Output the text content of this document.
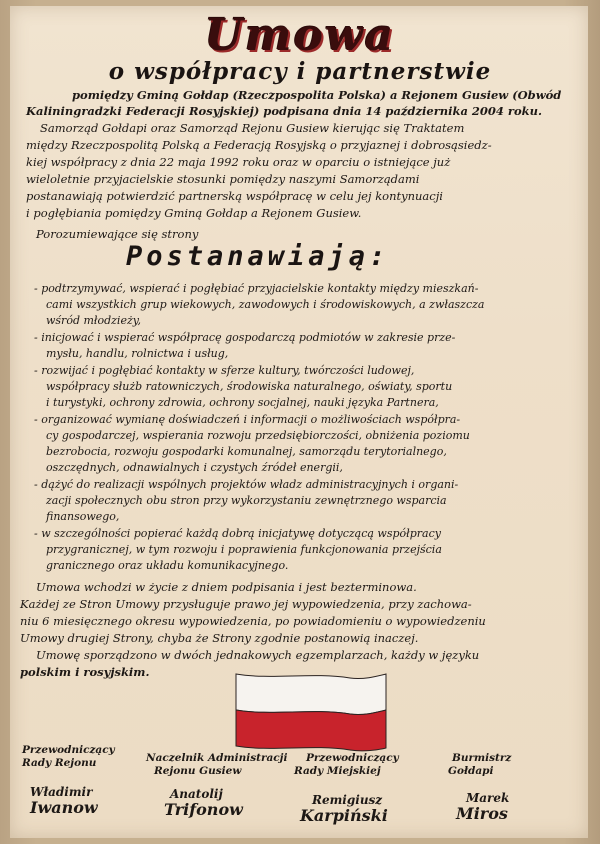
Umowa
o współpracy i partnerstwie
pomiędzy Gminą Gołdap (Rzeczpospolita Polska) a Rejonem Gusiew (Obwód
Kaliningradzki Federacji Rosyjskiej) podpisana dnia 14 października 2004 roku.
Samorząd Gołdapi oraz Samorząd Rejonu Gusiew kierując się Traktatem
między Rzeczpospolitą Polską a Federacją Rosyjską o przyjaznej i dobrosąsiedz-
kiej współpracy z dnia 22 maja 1992 roku oraz w oparciu o istniejące już
wieloletnie przyjacielskie stosunki pomiędzy naszymi Samorządami
postanawiają potwierdzić partnerską współpracę w celu jej kontynuacji
i pogłębiania pomiędzy Gminą Gołdap a Rejonem Gusiew.
Porozumiewające się strony
Postanawiają:
- podtrzymywać, wspierać i pogłębiać przyjacielskie kontakty między mieszkań-
cami wszystkich grup wiekowych, zawodowych i środowiskowych, a zwłaszcza
wśród młodzieży,
- inicjować i wspierać współpracę gospodarczą podmiotów w zakresie prze-
mysłu, handlu, rolnictwa i usług,
- rozwijać i pogłębiać kontakty w sferze kultury, twórczości ludowej,
współpracy służb ratowniczych, środowiska naturalnego, oświaty, sportu
i turystyki, ochrony zdrowia, ochrony socjalnej, nauki języka Partnera,
- organizować wymianę doświadczeń i informacji o możliwościach współpra-
cy gospodarczej, wspierania rozwoju przedsiębiorczości, obniżenia poziomu
bezrobocia, rozwoju gospodarki komunalnej, samorządu terytorialnego,
oszczędnych, odnawialnych i czystych źródeł energii,
- dążyć do realizacji wspólnych projektów władz administracyjnych i organi-
zacji społecznych obu stron przy wykorzystaniu zewnętrznego wsparcia
finansowego,
- w szczególności popierać każdą dobrą inicjatywę dotyczącą współpracy
przygranicznej, w tym rozwoju i poprawienia funkcjonowania przejścia
granicznego oraz układu komunikacyjnego.
Umowa wchodzi w życie z dniem podpisania i jest bezterminowa.
Każdej ze Stron Umowy przysługuje prawo jej wypowiedzenia, przy zachowa-
niu 6 miesięcznego okresu wypowiedzenia, po powiadomieniu o wypowiedzeniu
Umowy drugiej Strony, chyba że Strony zgodnie postanowią inaczej.
Umowę sporządzono w dwóch jednakowych egzemplarzach, każdy w języku
polskim i rosyjskim.
Przewodniczący
Rady Rejonu	Naczelnik Administracji
Rejonu Gusiew
Przewodniczący
Rady Miejskiej
Burmistrz
Gołdapi
Władimir
Iwanow
Anatolij
Trifonow	Remigiusz
Karpiński
Marek
Miros
